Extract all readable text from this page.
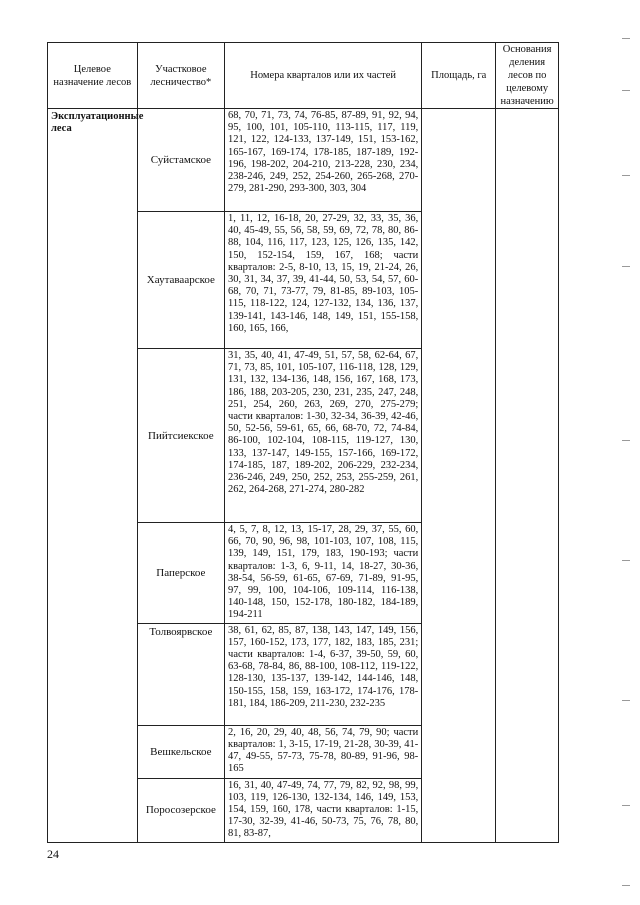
Целевое назначение лесов	Участковое лесничество*	Номера кварталов или их частей	Площадь, га	Основания деления лесов по целевому назначению
Эксплуатационные леса	Суйстамское	68, 70, 71, 73, 74, 76-85, 87-89, 91, 92, 94, 95, 100, 101, 105-110, 113-115, 117, 119, 121, 122, 124-133, 137-149, 151, 153-162, 165-167, 169-174, 178-185, 187-189, 192-196, 198-202, 204-210, 213-228, 230, 234, 238-246, 249, 252, 254-260, 265-268, 270-279, 281-290, 293-300, 303, 304		
	Хаутаваарское	1, 11, 12, 16-18, 20, 27-29, 32, 33, 35, 36, 40, 45-49, 55, 56, 58, 59, 69, 72, 78, 80, 86-88, 104, 116, 117, 123, 125, 126, 135, 142, 150, 152-154, 159, 167, 168; части кварталов: 2-5, 8-10, 13, 15, 19, 21-24, 26, 30, 31, 34, 37, 39, 41-44, 50, 53, 54, 57, 60-68, 70, 71, 73-77, 79, 81-85, 89-103, 105-115, 118-122, 124, 127-132, 134, 136, 137, 139-141, 143-146, 148, 149, 151, 155-158, 160, 165, 166,		
	Пийтсиекское	31, 35, 40, 41, 47-49, 51, 57, 58, 62-64, 67, 71, 73, 85, 101, 105-107, 116-118, 128, 129, 131, 132, 134-136, 148, 156, 167, 168, 173, 186, 188, 203-205, 230, 231, 235, 247, 248, 251, 254, 260, 263, 269, 270, 275-279; части кварталов: 1-30, 32-34, 36-39, 42-46, 50, 52-56, 59-61, 65, 66, 68-70, 72, 74-84, 86-100, 102-104, 108-115, 119-127, 130, 133, 137-147, 149-155, 157-166, 169-172, 174-185, 187, 189-202, 206-229, 232-234, 236-246, 249, 250, 252, 253, 255-259, 261, 262, 264-268, 271-274, 280-282		
	Паперское	4, 5, 7, 8, 12, 13, 15-17, 28, 29, 37, 55, 60, 66, 70, 90, 96, 98, 101-103, 107, 108, 115, 139, 149, 151, 179, 183, 190-193; части кварталов: 1-3, 6, 9-11, 14, 18-27, 30-36, 38-54, 56-59, 61-65, 67-69, 71-89, 91-95, 97, 99, 100, 104-106, 109-114, 116-138, 140-148, 150, 152-178, 180-182, 184-189, 194-211		
	Толвоярвское	38, 61, 62, 85, 87, 138, 143, 147, 149, 156, 157, 160-152, 173, 177, 182, 183, 185, 231; части кварталов: 1-4, 6-37, 39-50, 59, 60, 63-68, 78-84, 86, 88-100, 108-112, 119-122, 128-130, 135-137, 139-142, 144-146, 148, 150-155, 158, 159, 163-172, 174-176, 178-181, 184, 186-209, 211-230, 232-235		
	Вешкельское	2, 16, 20, 29, 40, 48, 56, 74, 79, 90; части кварталов: 1, 3-15, 17-19, 21-28, 30-39, 41-47, 49-55, 57-73, 75-78, 80-89, 91-96, 98-165		
	Поросозерское	16, 31, 40, 47-49, 74, 77, 79, 82, 92, 98, 99, 103, 119, 126-130, 132-134, 146, 149, 153, 154, 159, 160, 178, части кварталов: 1-15, 17-30, 32-39, 41-46, 50-73, 75, 76, 78, 80, 81, 83-87,		
24
